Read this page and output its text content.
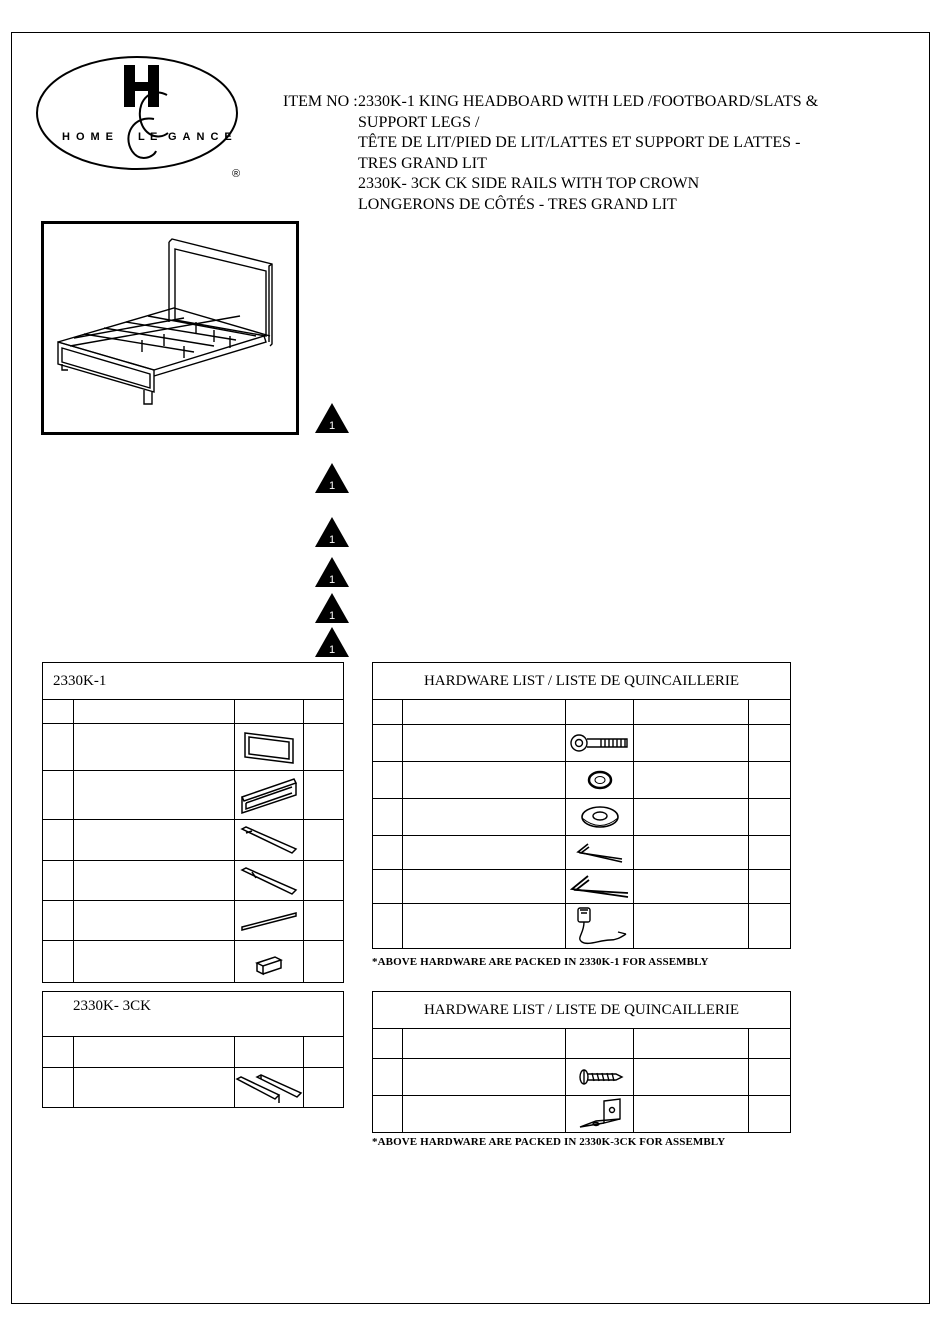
HOME	GANCE
L E
®
ITEM NO : 2330K-1 KING HEADBOARD WITH LED /FOOTBOARD/SLATS &
SUPPORT LEGS /
TÊTE DE LIT/PIED DE LIT/LATTES ET SUPPORT DE LATTES -
TRES GRAND LIT
2330K- 3CK CK SIDE RAILS WITH TOP CROWN
LONGERONS DE CÔTÉS - TRES GRAND LIT
1
1
1
1
1
1
2330K-1			

2330K- 3CK			

HARDWARE LIST / LISTE DE QUINCAILLERIE				

*ABOVE HARDWARE ARE PACKED IN 2330K-1 FOR ASSEMBLY
HARDWARE LIST / LISTE DE QUINCAILLERIE				

*ABOVE HARDWARE ARE PACKED IN 2330K-3CK FOR ASSEMBLY
